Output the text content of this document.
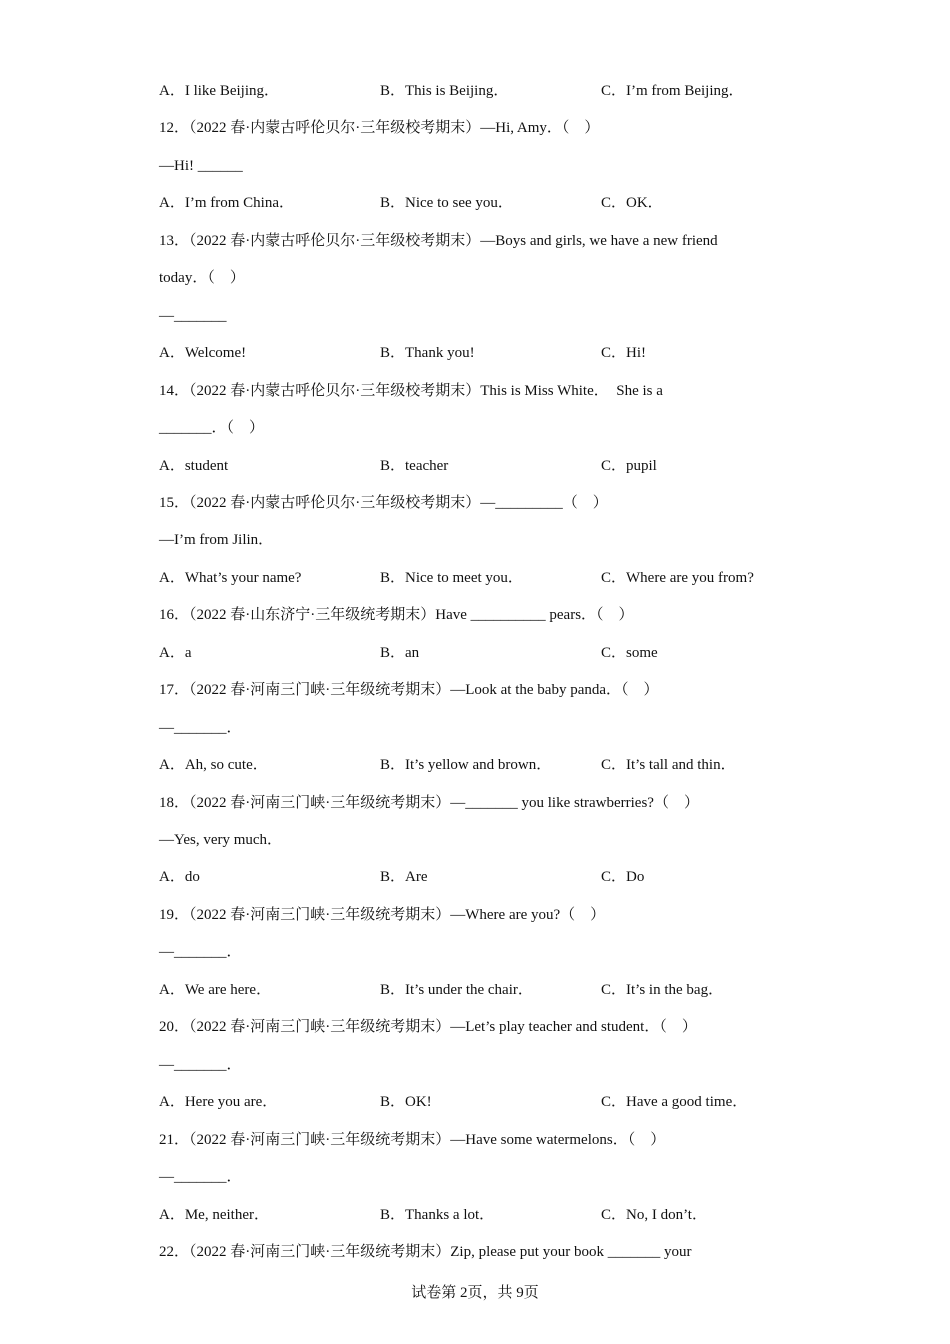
A．I like Beijing．	B．This is Beijing．	C．I’m from Beijing．
12．（2022 春·内蒙古呼伦贝尔·三年级校考期末）—Hi, Amy．（　）
—Hi! ______
A．I’m from China．	B．Nice to see you．	C．OK．
13．（2022 春·内蒙古呼伦贝尔·三年级校考期末）—Boys and girls, we have a new friend
today．（　）
—_______
A．Welcome!	B．Thank you!	C．Hi!
14．（2022 春·内蒙古呼伦贝尔·三年级校考期末）This is Miss White．　She is a
_______．（　）
A．student	B．teacher	C．pupil
15．（2022 春·内蒙古呼伦贝尔·三年级校考期末）—_________（　）
—I’m from Jilin．
A．What’s your name?	B．Nice to meet you．	C．Where are you from?
16．（2022 春·山东济宁·三年级统考期末）Have __________ pears．（　）
A．a	B．an	C．some
17．（2022 春·河南三门峡·三年级统考期末）—Look at the baby panda．（　）
—_______．
A．Ah, so cute．	B．It’s yellow and brown．	C．It’s tall and thin．
18．（2022 春·河南三门峡·三年级统考期末）—_______ you like strawberries?（　）
—Yes, very much．
A．do	B．Are	C．Do
19．（2022 春·河南三门峡·三年级统考期末）—Where are you?（　）
—_______．
A．We are here．	B．It’s under the chair．	C．It’s in the bag．
20．（2022 春·河南三门峡·三年级统考期末）—Let’s play teacher and student．（　）
—_______．
A．Here you are．	B．OK!	C．Have a good time．
21．（2022 春·河南三门峡·三年级统考期末）—Have some watermelons．（　）
—_______．
A．Me, neither．	B．Thanks a lot．	C．No, I don’t．
22．（2022 春·河南三门峡·三年级统考期末）Zip, please put your book _______ your
试卷第 2页，共 9页
